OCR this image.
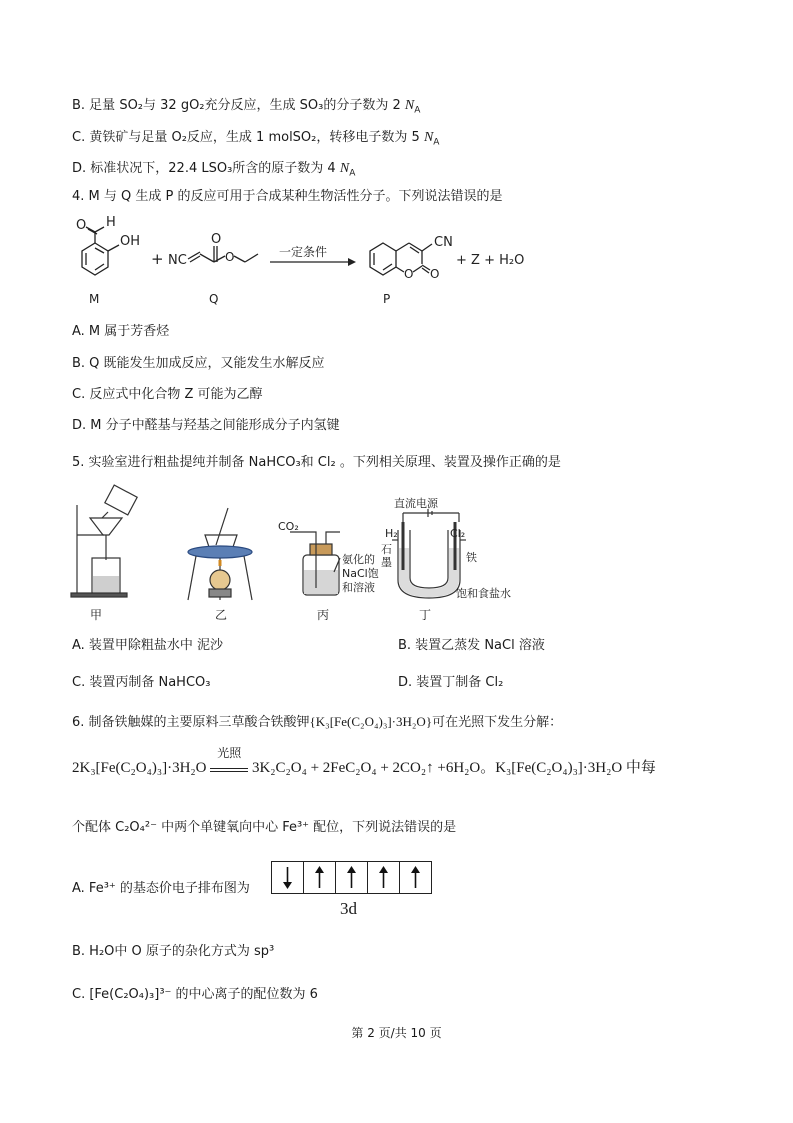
B. 足量 SO₂与 32 gO₂充分反应，生成 SO₃的分子数为 2 $N_A$
C. 黄铁矿与足量 O₂反应，生成 1 molSO₂，转移电子数为 5 $N_A$
D. 标准状况下，22.4 LSO₃所含的原子数为 4 $N_A$
4. M 与 Q 生成 P 的反应可用于合成某种生物活性分子。下列说法错误的是
O H
OH
M
+ NC
O
O
Q
一定条件
O O
CN
P
+ Z + H₂O
A. M 属于芳香烃
B. Q 既能发生加成反应，又能发生水解反应
C. 反应式中化合物 Z 可能为乙醇
D. M 分子中醛基与羟基之间能形成分子内氢键
5. 实验室进行粗盐提纯并制备 NaHCO₃和 Cl₂ 。下列相关原理、装置及操作正确的是
甲	乙
CO₂
氨化的
NaCl饱
和溶液
丙
直流电源
H₂	Cl₂
石
墨	铁
饱和食盐水
丁
A. 装置甲除粗盐水中 泥沙	B. 装置乙蒸发 NaCl 溶液
C. 装置丙制备 NaHCO₃	D. 装置丁制备 Cl₂
6. 制备铁触媒的主要原料三草酸合铁酸钾{K₃[Fe(C₂O₄)₃]·3H₂O}可在光照下发生分解：
2K₃[Fe(C₂O₄)₃]·3H₂O
光照
3K₂C₂O₄ + 2FeC₂O₄ + 2CO₂↑ +6H₂O。K₃[Fe(C₂O₄)₃]·3H₂O 中每
个配体 C₂O₄²⁻ 中两个单键氧向中心 Fe³⁺ 配位，下列说法错误的是
A. Fe³⁺ 的基态价电子排布图为
3d
B. H₂O中 O 原子的杂化方式为 sp³
C. [Fe(C₂O₄)₃]³⁻ 的中心离子的配位数为 6
第 2 页/共 10 页
